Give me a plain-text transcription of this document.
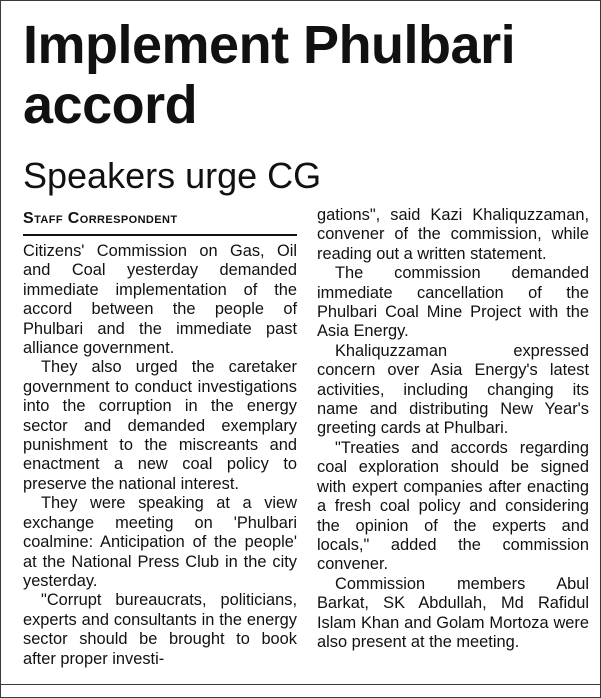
Implement Phulbari accord
Speakers urge CG
Staff Correspondent

Citizens' Commission on Gas, Oil and Coal yesterday demanded immediate implementation of the accord between the people of Phulbari and the immediate past alliance government.

They also urged the caretaker government to conduct investigations into the corruption in the energy sector and demanded exemplary punishment to the miscreants and enactment a new coal policy to preserve the national interest.

They were speaking at a view exchange meeting on 'Phulbari coalmine: Anticipation of the people' at the National Press Club in the city yesterday.

"Corrupt bureaucrats, politicians, experts and consultants in the energy sector should be brought to book after proper investi-

gations", said Kazi Khaliquzzaman, convener of the commission, while reading out a written statement.

The commission demanded immediate cancellation of the Phulbari Coal Mine Project with the Asia Energy.

Khaliquzzaman expressed concern over Asia Energy's latest activities, including changing its name and distributing New Year's greeting cards at Phulbari.

"Treaties and accords regarding coal exploration should be signed with expert companies after enacting a fresh coal policy and considering the opinion of the experts and locals," added the commission convener.

Commission members Abul Barkat, SK Abdullah, Md Rafidul Islam Khan and Golam Mortoza were also present at the meeting.
